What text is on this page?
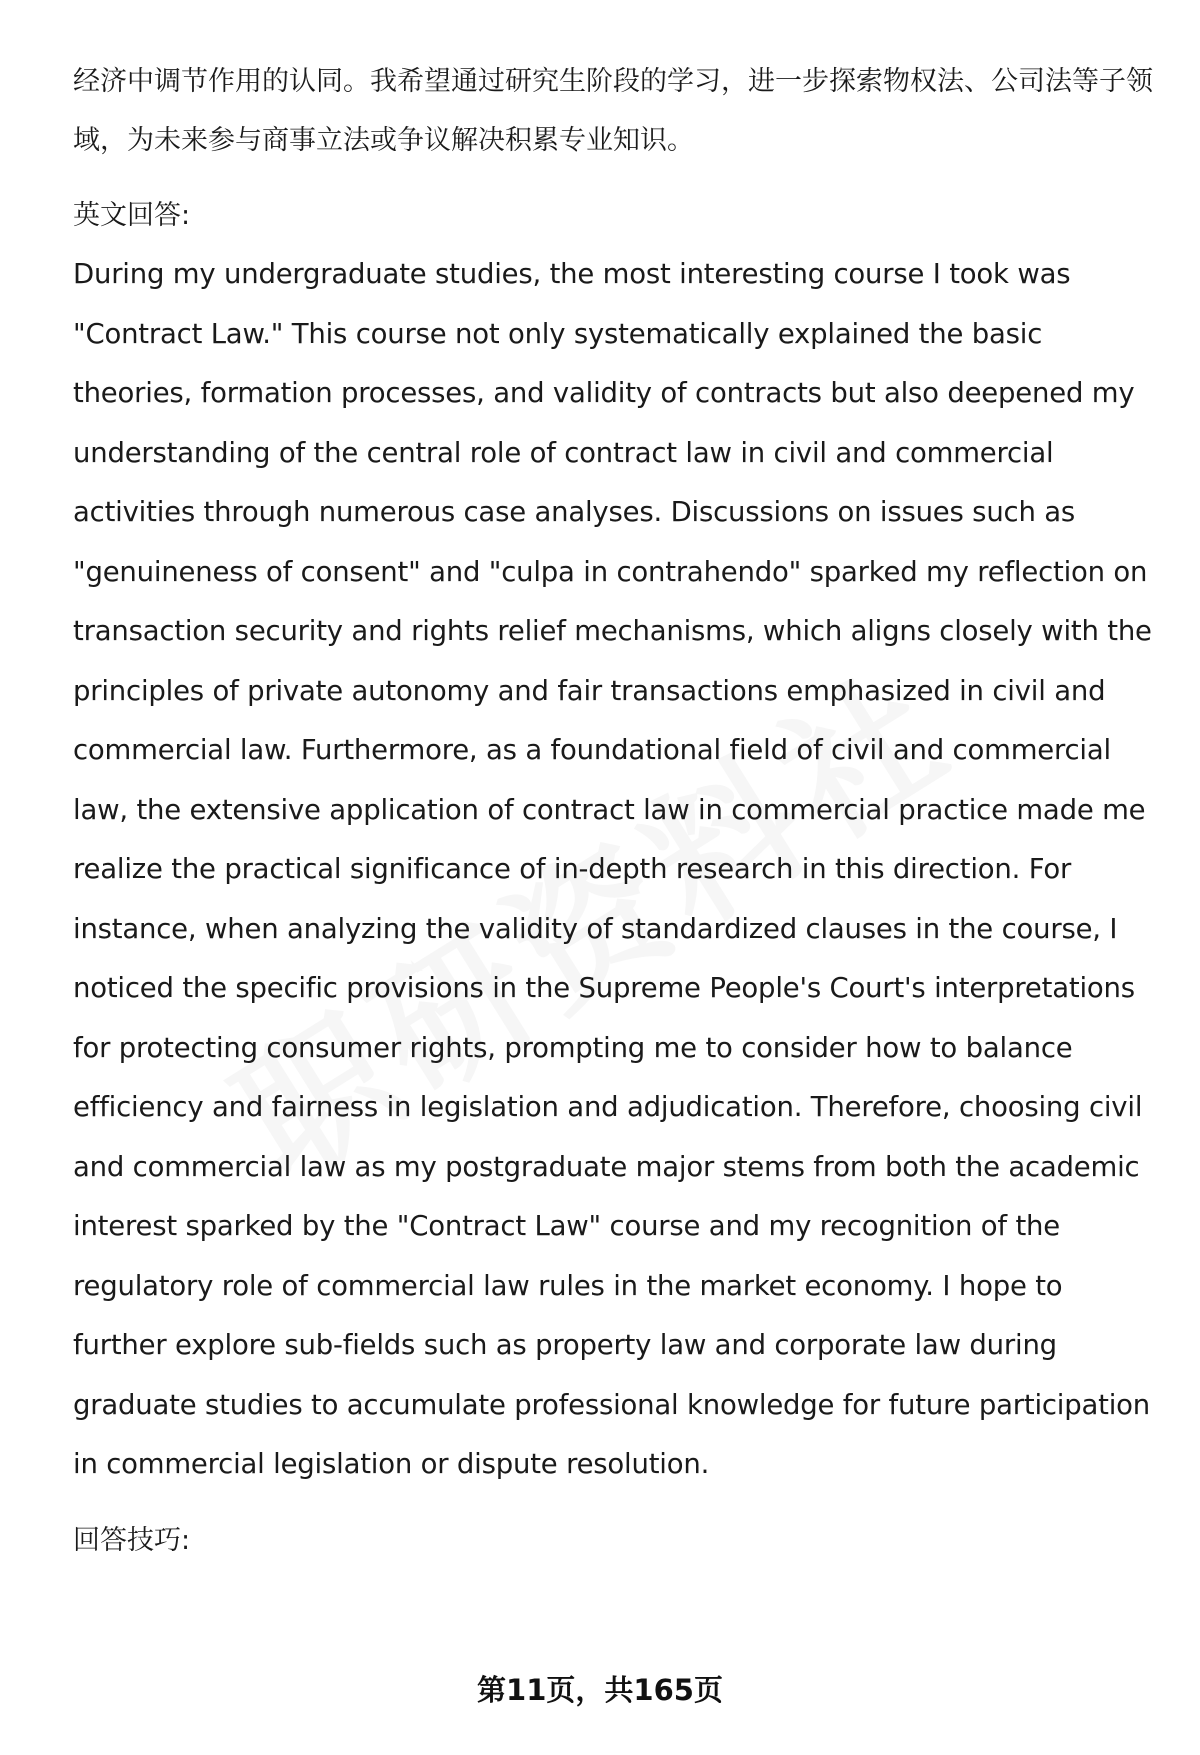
经济中调节作用的认同。我希望通过研究生阶段的学习，进一步探索物权法、公司法等子领域，为未来参与商事立法或争议解决积累专业知识。

英文回答:

During my undergraduate studies, the most interesting course I took was "Contract Law." This course not only systematically explained the basic theories, formation processes, and validity of contracts but also deepened my understanding of the central role of contract law in civil and commercial activities through numerous case analyses. Discussions on issues such as "genuineness of consent" and "culpa in contrahendo" sparked my reflection on transaction security and rights relief mechanisms, which aligns closely with the principles of private autonomy and fair transactions emphasized in civil and commercial law. Furthermore, as a foundational field of civil and commercial law, the extensive application of contract law in commercial practice made me realize the practical significance of in-depth research in this direction. For instance, when analyzing the validity of standardized clauses in the course, I noticed the specific provisions in the Supreme People's Court's interpretations for protecting consumer rights, prompting me to consider how to balance efficiency and fairness in legislation and adjudication. Therefore, choosing civil and commercial law as my postgraduate major stems from both the academic interest sparked by the "Contract Law" course and my recognition of the regulatory role of commercial law rules in the market economy. I hope to further explore sub-fields such as property law and corporate law during graduate studies to accumulate professional knowledge for future participation in commercial legislation or dispute resolution.

回答技巧:

第11页，共165页
